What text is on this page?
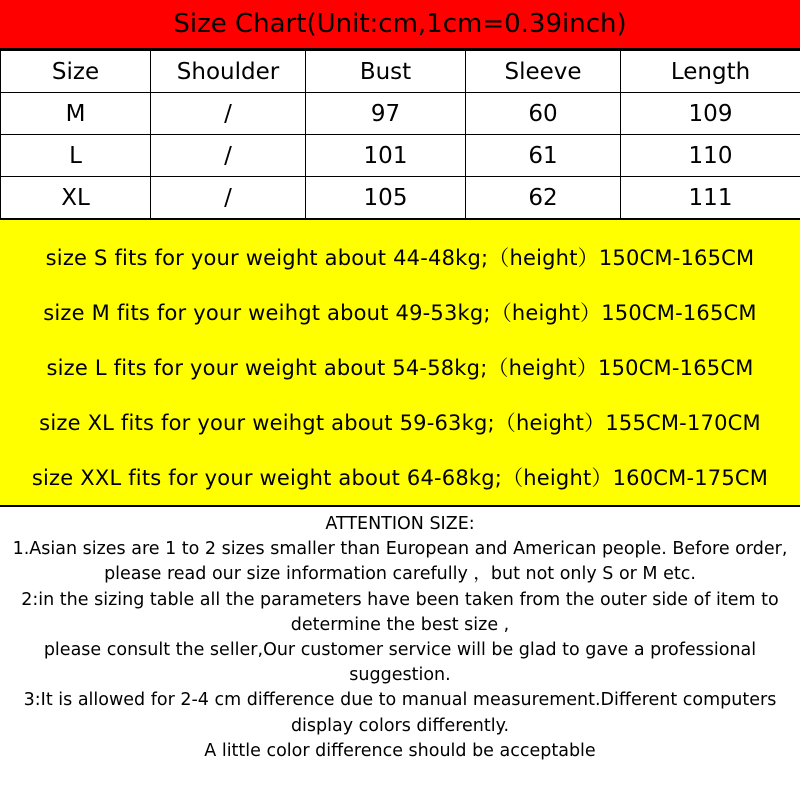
Size Chart(Unit:cm,1cm=0.39inch)
Size	Shoulder	Bust	Sleeve	Length
M	/	97	60	109
L	/	101	61	110
XL	/	105	62	111
size S fits for your weight about 44-48kg;（height）150CM-165CM
size M fits for your weihgt about 49-53kg;（height）150CM-165CM
size L fits for your weight about 54-58kg;（height）150CM-165CM
size XL fits for your weihgt about 59-63kg;（height）155CM-170CM
size XXL fits for your weight about 64-68kg;（height）160CM-175CM
ATTENTION SIZE:
1.Asian sizes are 1 to 2 sizes smaller than European and American people. Before order,
please read our size information carefully ，but not only S or M etc.
2:in the sizing table all the parameters have been taken from the outer side of item to
determine the best size ,
please consult the seller,Our customer service will be glad to gave a professional
suggestion.
3:It is allowed for 2-4 cm difference due to manual measurement.Different computers
display colors differently.
A little color difference should be acceptable
